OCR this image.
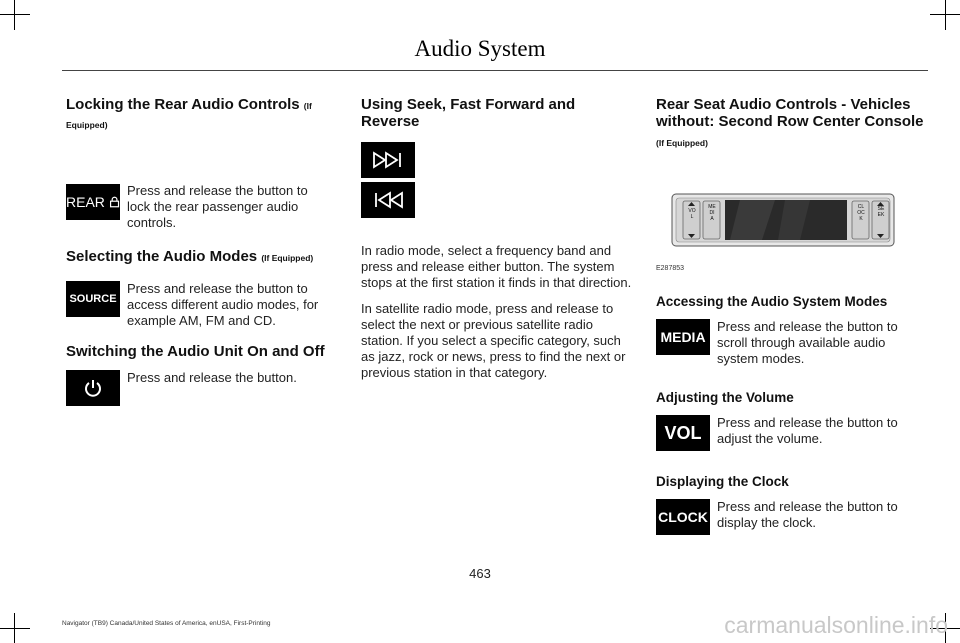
Audio System
Locking the Rear Audio Controls (If Equipped)
REAR
Press and release the button to lock the rear passenger audio controls.
Selecting the Audio Modes (If Equipped)
SOURCE
Press and release the button to access different audio modes, for example AM, FM and CD.
Switching the Audio Unit On and Off
Press and release the button.
Using Seek, Fast Forward and Reverse

In radio mode, select a frequency band and press and release either button. The system stops at the first station it finds in that direction.

In satellite radio mode, press and release to select the next or previous satellite radio station. If you select a specific category, such as jazz, rock or news, press to find the next or previous station in that category.

Rear Seat Audio Controls - Vehicles without: Second Row Center Console
(If Equipped)
VOL
MEDIA
CLOCK
SEEK
E287853
Accessing the Audio System Modes
MEDIA
Press and release the button to scroll through available audio system modes.
Adjusting the Volume
VOL Press and release the button to adjust the volume.
Displaying the Clock
CLOCK
Press and release the button to display the clock.
463
Navigator (TB9) Canada/United States of America, enUSA, First-Printing	carmanualsonline.info
